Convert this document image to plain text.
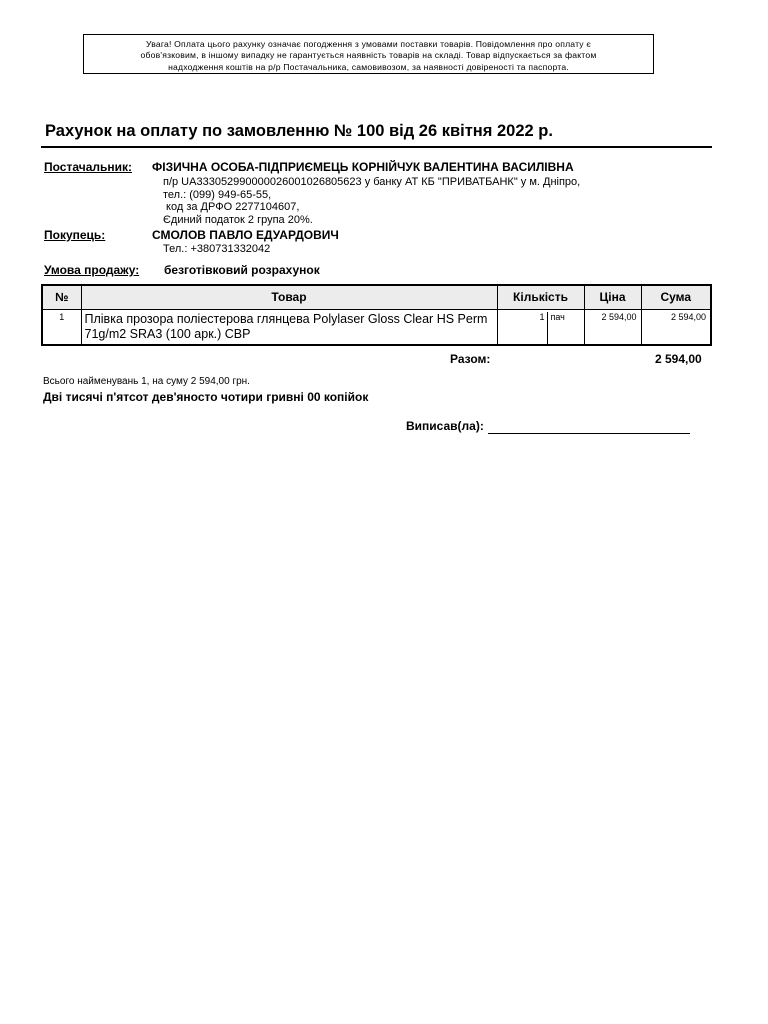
Увага! Оплата цього рахунку означає погодження з умовами поставки товарів. Повідомлення про оплату є
обов'язковим, в іншому випадку не гарантується наявність товарів на складі. Товар відпускається за фактом
надходження коштів на р/р Постачальника, самовивозом, за наявності довіреності та паспорта.
Рахунок на оплату по замовленню № 100 від 26 квітня 2022 р.
Постачальник: ФІЗИЧНА ОСОБА-ПІДПРИЄМЕЦЬ КОРНІЙЧУК ВАЛЕНТИНА ВАСИЛІВНА
п/р UA333052990000026001026805623 у банку АТ КБ "ПРИВАТБАНК" у м. Дніпро,
тел.: (099) 949-65-55,
код за ДРФО 2277104607,
Єдиний податок 2 група 20%.
Покупець:	СМОЛОВ ПАВЛО ЕДУАРДОВИЧ
Тел.: +380731332042
Умова продажу: безготівковий розрахунок
№	Товар	Кількість	Ціна	Сума
1	Плівка прозора поліестерова глянцева Polylaser Gloss Clear HS Perm 71g/m2 SRA3 (100 арк.) CBP	1 пач	2 594,00	2 594,00
Разом:	2 594,00
Всього найменувань 1, на суму 2 594,00 грн.
Дві тисячі п'ятсот дев'яносто чотири гривні 00 копійок
Виписав(ла):
